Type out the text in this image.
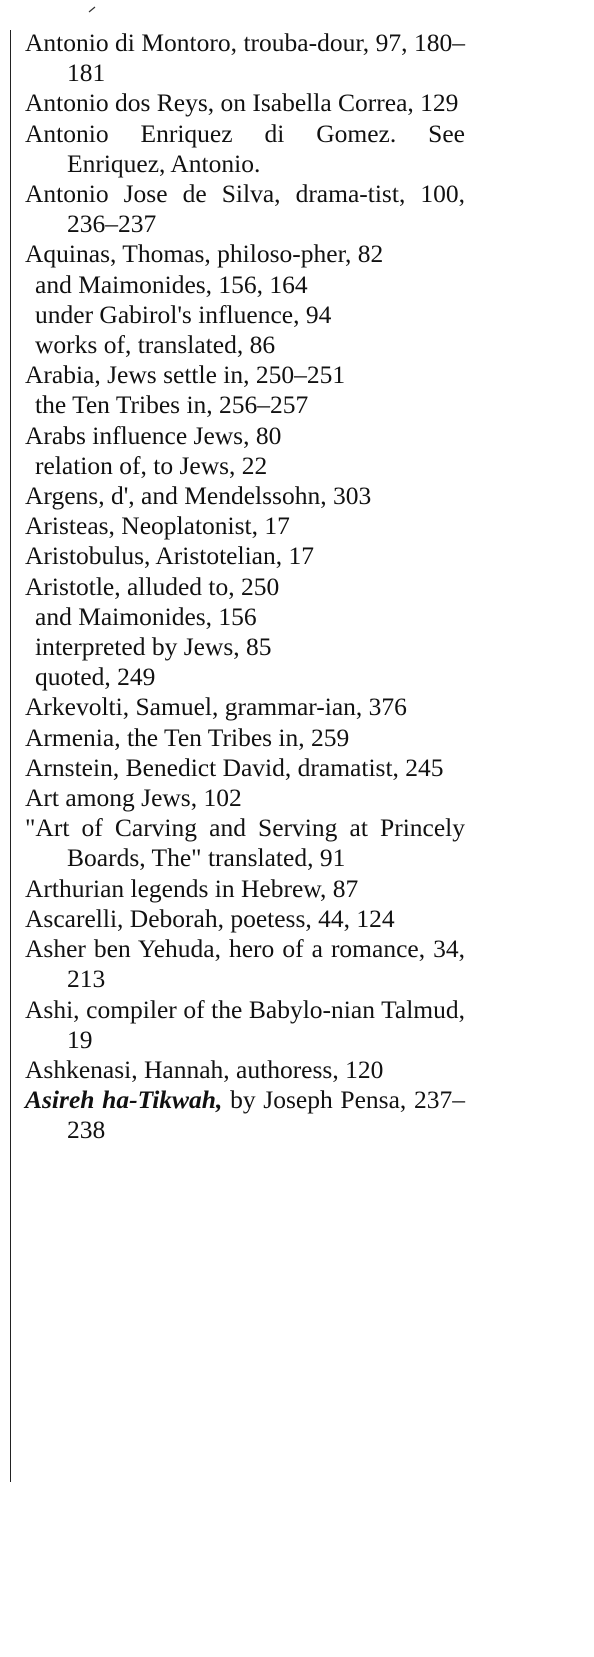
Antonio di Montoro, trouba-dour, 97, 180–181
Antonio dos Reys, on Isabella Correa, 129
Antonio Enriquez di Gomez. See Enriquez, Antonio.
Antonio Jose de Silva, drama-tist, 100, 236–237
Aquinas, Thomas, philoso-pher, 82
and Maimonides, 156, 164
under Gabirol's influence, 94
works of, translated, 86
Arabia, Jews settle in, 250–251
the Ten Tribes in, 256–257
Arabs influence Jews, 80
relation of, to Jews, 22
Argens, d', and Mendelssohn, 303
Aristeas, Neoplatonist, 17
Aristobulus, Aristotelian, 17
Aristotle, alluded to, 250
and Maimonides, 156
interpreted by Jews, 85
quoted, 249
Arkevolti, Samuel, grammar-ian, 376
Armenia, the Ten Tribes in, 259
Arnstein, Benedict David, dramatist, 245
Art among Jews, 102
"Art of Carving and Serving at Princely Boards, The" translated, 91
Arthurian legends in Hebrew, 87
Ascarelli, Deborah, poetess, 44, 124
Asher ben Yehuda, hero of a romance, 34, 213
Ashi, compiler of the Babylo-nian Talmud, 19
Ashkenasi, Hannah, authoress, 120
Asireh ha-Tikwah, by Joseph Pensa, 237–238
